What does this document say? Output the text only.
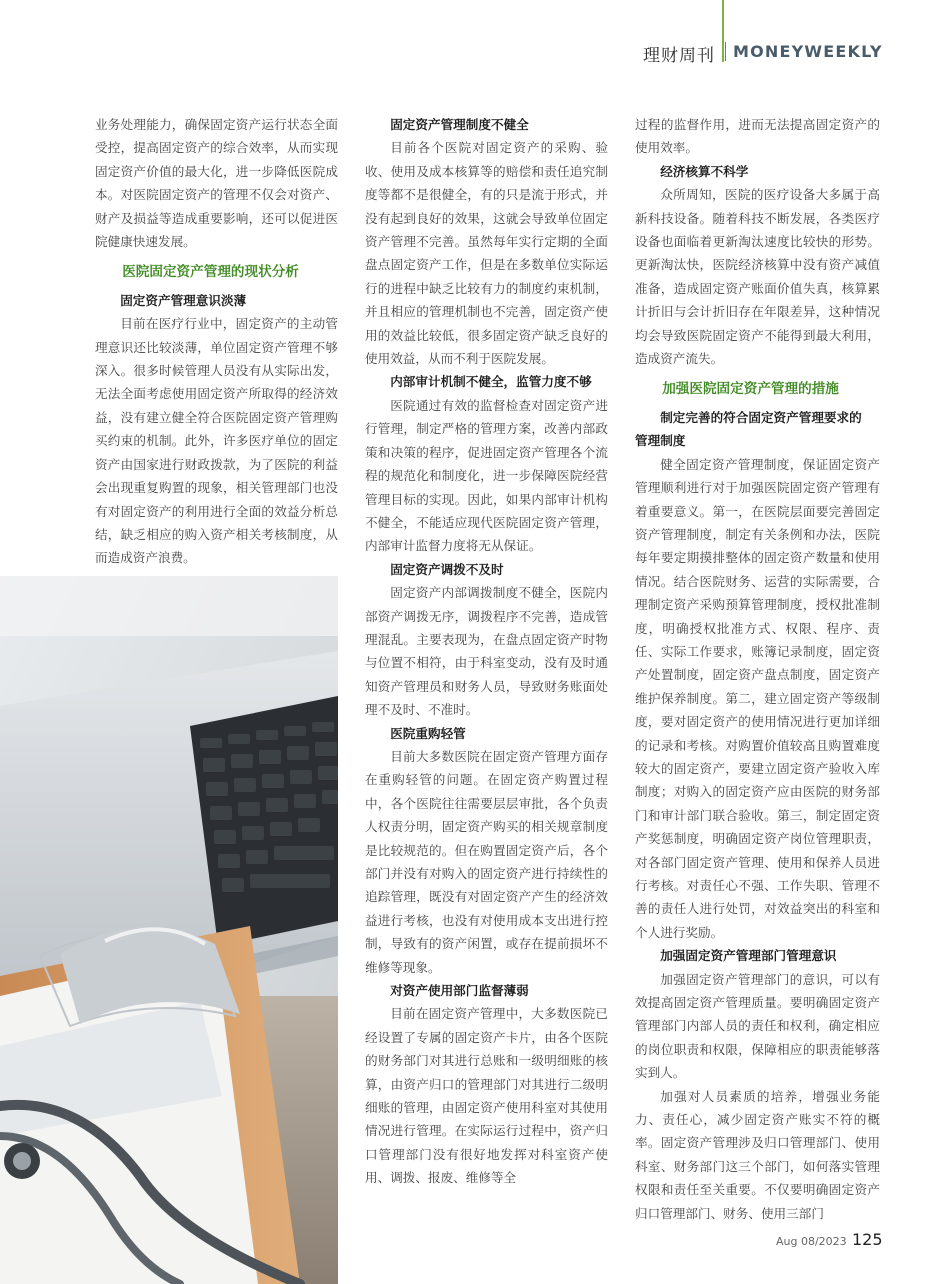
理财周刊 MONEYWEEKLY

业务处理能力，确保固定资产运行状态全面受控，提高固定资产的综合效率，从而实现固定资产价值的最大化，进一步降低医院成本。对医院固定资产的管理不仅会对资产、财产及损益等造成重要影响，还可以促进医院健康快速发展。

医院固定资产管理的现状分析
固定资产管理意识淡薄

目前在医疗行业中，固定资产的主动管理意识还比较淡薄，单位固定资产管理不够深入。很多时候管理人员没有从实际出发，无法全面考虑使用固定资产所取得的经济效益，没有建立健全符合医院固定资产管理购买约束的机制。此外，许多医疗单位的固定资产由国家进行财政拨款，为了医院的利益会出现重复购置的现象，相关管理部门也没有对固定资产的利用进行全面的效益分析总结，缺乏相应的购入资产相关考核制度，从而造成资产浪费。

固定资产管理制度不健全

目前各个医院对固定资产的采购、验收、使用及成本核算等的赔偿和责任追究制度等都不是很健全，有的只是流于形式，并没有起到良好的效果，这就会导致单位固定资产管理不完善。虽然每年实行定期的全面盘点固定资产工作，但是在多数单位实际运行的进程中缺乏比较有力的制度约束机制，并且相应的管理机制也不完善，固定资产使用的效益比较低，很多固定资产缺乏良好的使用效益，从而不利于医院发展。

内部审计机制不健全，监管力度不够

医院通过有效的监督检查对固定资产进行管理，制定严格的管理方案，改善内部政策和决策的程序，促进固定资产管理各个流程的规范化和制度化，进一步保障医院经营管理目标的实现。因此，如果内部审计机构不健全，不能适应现代医院固定资产管理，内部审计监督力度将无从保证。

固定资产调拨不及时

固定资产内部调拨制度不健全，医院内部资产调拨无序，调拨程序不完善，造成管理混乱。主要表现为，在盘点固定资产时物与位置不相符，由于科室变动，没有及时通知资产管理员和财务人员，导致财务账面处理不及时、不准时。

医院重购轻管

目前大多数医院在固定资产管理方面存在重购轻管的问题。在固定资产购置过程中，各个医院往往需要层层审批，各个负责人权责分明，固定资产购买的相关规章制度是比较规范的。但在购置固定资产后，各个部门并没有对购入的固定资产进行持续性的追踪管理，既没有对固定资产产生的经济效益进行考核，也没有对使用成本支出进行控制，导致有的资产闲置，或存在提前损坏不维修等现象。

对资产使用部门监督薄弱

目前在固定资产管理中，大多数医院已经设置了专属的固定资产卡片，由各个医院的财务部门对其进行总账和一级明细账的核算，由资产归口的管理部门对其进行二级明细账的管理，由固定资产使用科室对其使用情况进行管理。在实际运行过程中，资产归口管理部门没有很好地发挥对科室资产使用、调拨、报废、维修等全

过程的监督作用，进而无法提高固定资产的使用效率。

经济核算不科学

众所周知，医院的医疗设备大多属于高新科技设备。随着科技不断发展，各类医疗设备也面临着更新淘汰速度比较快的形势。更新淘汰快，医院经济核算中没有资产减值准备，造成固定资产账面价值失真，核算累计折旧与会计折旧存在年限差异，这种情况均会导致医院固定资产不能得到最大利用，造成资产流失。

加强医院固定资产管理的措施
制定完善的符合固定资产管理要求的
管理制度

健全固定资产管理制度，保证固定资产管理顺利进行对于加强医院固定资产管理有着重要意义。第一，在医院层面要完善固定资产管理制度，制定有关条例和办法，医院每年要定期摸排整体的固定资产数量和使用情况。结合医院财务、运营的实际需要，合理制定资产采购预算管理制度，授权批准制度，明确授权批准方式、权限、程序、责任、实际工作要求，账簿记录制度，固定资产处置制度，固定资产盘点制度，固定资产维护保养制度。第二，建立固定资产等级制度，要对固定资产的使用情况进行更加详细的记录和考核。对购置价值较高且购置难度较大的固定资产，要建立固定资产验收入库制度；对购入的固定资产应由医院的财务部门和审计部门联合验收。第三，制定固定资产奖惩制度，明确固定资产岗位管理职责，对各部门固定资产管理、使用和保养人员进行考核。对责任心不强、工作失职、管理不善的责任人进行处罚，对效益突出的科室和个人进行奖励。

加强固定资产管理部门管理意识

加强固定资产管理部门的意识，可以有效提高固定资产管理质量。要明确固定资产管理部门内部人员的责任和权利，确定相应的岗位职责和权限，保障相应的职责能够落实到人。

加强对人员素质的培养，增强业务能力、责任心，减少固定资产账实不符的概率。固定资产管理涉及归口管理部门、使用科室、财务部门这三个部门，如何落实管理权限和责任至关重要。不仅要明确固定资产归口管理部门、财务、使用三部门

Aug 08/2023 125
